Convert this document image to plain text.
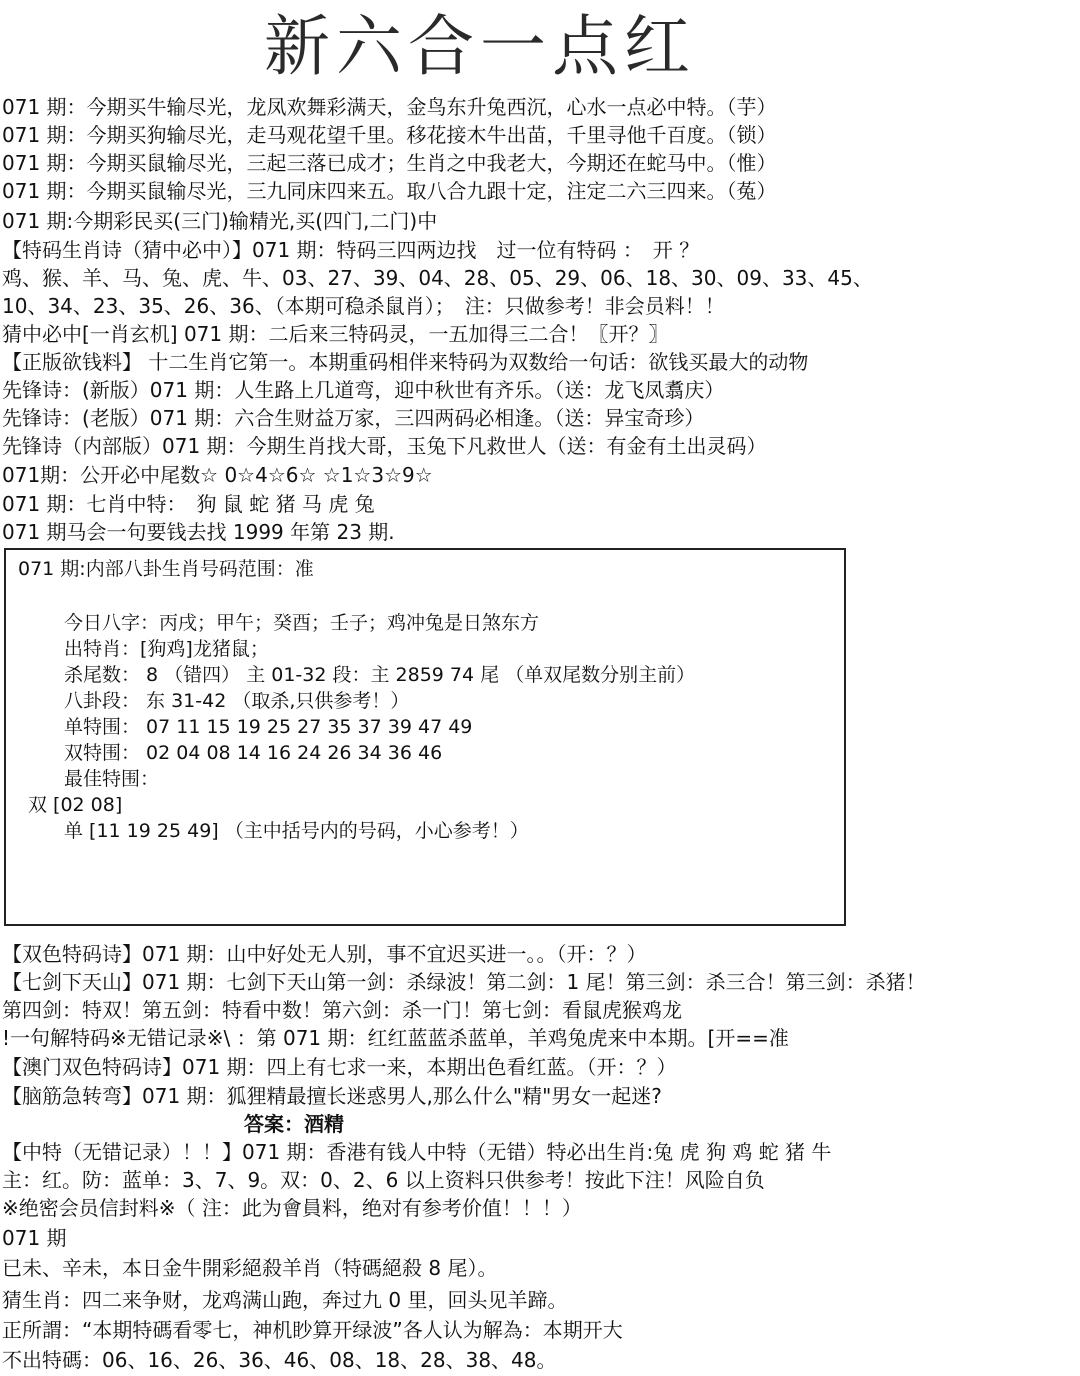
新六合一点红
071 期：今期买牛输尽光，龙凤欢舞彩满天，金鸟东升兔西沉，心水一点必中特。（芋）
071 期：今期买狗输尽光，走马观花望千里。移花接木牛出苗，千里寻他千百度。（锁）
071 期：今期买鼠输尽光，三起三落已成才；生肖之中我老大，今期还在蛇马中。（惟）
071 期：今期买鼠输尽光，三九同床四来五。取八合九跟十定，注定二六三四来。（菟）
071 期:今期彩民买(三门)输精光,买(四门,二门)中
【特码生肖诗（猜中必中）】071 期：特码三四两边找　过一位有特码 ：　开 ？
鸡、猴、羊、马、兔、虎、牛、03、27、39、04、28、05、29、06、18、30、09、33、45、
10、34、23、35、26、36、（本期可稳杀鼠肖）；　注：只做参考！非会员料！！
猜中必中[一肖玄机] 071 期：二后来三特码灵，一五加得三二合！〖开？〗
【正版欲钱料】 十二生肖它第一。本期重码相伴来特码为双数给一句话：欲钱买最大的动物
先锋诗：(新版）071 期：人生路上几道弯，迎中秋世有齐乐。（送：龙飞凤翥庆）
先锋诗：(老版）071 期：六合生财益万家，三四两码必相逢。（送：异宝奇珍）
先锋诗（内部版）071 期：今期生肖找大哥，玉兔下凡救世人（送：有金有土出灵码）
071期：公开必中尾数☆ 0☆4☆6☆ ☆1☆3☆9☆
071 期：七肖中特：　狗 鼠 蛇 猪 马 虎 兔
071 期马会一句要钱去找 1999 年第 23 期.
071 期:内部八卦生肖号码范围：准
今日八字：丙戌；甲午；癸酉；壬子；鸡冲兔是日煞东方
出特肖：[狗鸡]龙猪鼠；
杀尾数： 8 （错四） 主 01-32 段：主 2859 74 尾 （单双尾数分别主前）
八卦段： 东 31-42 （取杀,只供参考！）
单特围： 07 11 15 19 25 27 35 37 39 47 49
双特围： 02 04 08 14 16 24 26 34 36 46
最佳特围：
双 [02 08]
单 [11 19 25 49] （主中括号内的号码，小心参考！）
【双色特码诗】071 期：山中好处无人别，事不宜迟买进一。。（开：？）
【七剑下天山】071 期：七剑下天山第一剑：杀绿波！第二剑：1 尾！第三剑：杀三合！第三剑：杀猪！
第四剑：特双！第五剑：特看中数！第六剑：杀一门！第七剑：看鼠虎猴鸡龙
!一句解特码※无错记录※\ ：第 071 期：红红蓝蓝杀蓝单，羊鸡兔虎来中本期。[开==准
【澳门双色特码诗】071 期：四上有七求一来，本期出色看红蓝。（开：？）
【脑筋急转弯】071 期：狐狸精最擅长迷惑男人,那么什么"精"男女一起迷?
答案：酒精
【中特（无错记录）！！】071 期：香港有钱人中特（无错）特必出生肖:兔 虎 狗 鸡 蛇 猪 牛
主：红。防：蓝单：3、7、9。双：0、2、6 以上资料只供参考！按此下注！风险自负
※绝密会员信封料※（ 注：此为會員料，绝对有参考价值！！！）
071 期
已未、辛未，本日金牛開彩絕殺羊肖（特碼絕殺 8 尾）。
猜生肖：四二来争财，龙鸡满山跑，奔过九 0 里，回头见羊蹄。
正所謂：“本期特碼看零七，神机眇算开绿波”各人认为解為：本期开大
不出特碼：06、16、26、36、46、08、18、28、38、48。
